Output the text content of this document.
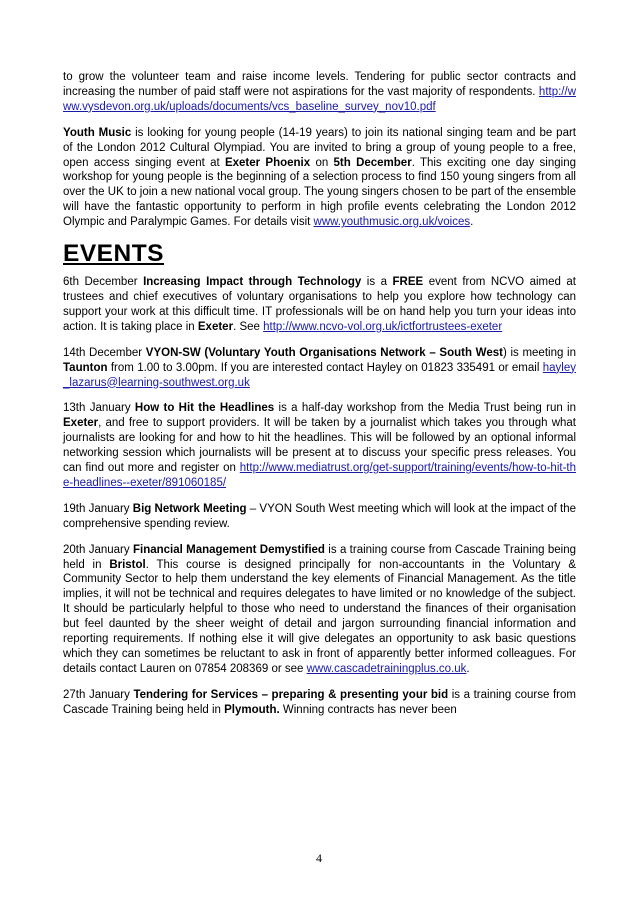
to grow the volunteer team and raise income levels. Tendering for public sector contracts and increasing the number of paid staff were not aspirations for the vast majority of respondents. http://www.vysdevon.org.uk/uploads/documents/vcs_baseline_survey_nov10.pdf

Youth Music is looking for young people (14-19 years) to join its national singing team and be part of the London 2012 Cultural Olympiad. You are invited to bring a group of young people to a free, open access singing event at Exeter Phoenix on 5th December. This exciting one day singing workshop for young people is the beginning of a selection process to find 150 young singers from all over the UK to join a new national vocal group. The young singers chosen to be part of the ensemble will have the fantastic opportunity to perform in high profile events celebrating the London 2012 Olympic and Paralympic Games. For details visit www.youthmusic.org.uk/voices.

EVENTS

6th December Increasing Impact through Technology is a FREE event from NCVO aimed at trustees and chief executives of voluntary organisations to help you explore how technology can support your work at this difficult time. IT professionals will be on hand help you turn your ideas into action. It is taking place in Exeter. See http://www.ncvo-vol.org.uk/ictfortrustees-exeter

14th December VYON-SW (Voluntary Youth Organisations Network – South West) is meeting in Taunton from 1.00 to 3.00pm. If you are interested contact Hayley on 01823 335491 or email hayley_lazarus@learning-southwest.org.uk

13th January How to Hit the Headlines is a half-day workshop from the Media Trust being run in Exeter, and free to support providers. It will be taken by a journalist which takes you through what journalists are looking for and how to hit the headlines. This will be followed by an optional informal networking session which journalists will be present at to discuss your specific press releases. You can find out more and register on http://www.mediatrust.org/get-support/training/events/how-to-hit-the-headlines--exeter/891060185/

19th January Big Network Meeting – VYON South West meeting which will look at the impact of the comprehensive spending review.

20th January Financial Management Demystified is a training course from Cascade Training being held in Bristol. This course is designed principally for non-accountants in the Voluntary & Community Sector to help them understand the key elements of Financial Management. As the title implies, it will not be technical and requires delegates to have limited or no knowledge of the subject. It should be particularly helpful to those who need to understand the finances of their organisation but feel daunted by the sheer weight of detail and jargon surrounding financial information and reporting requirements. If nothing else it will give delegates an opportunity to ask basic questions which they can sometimes be reluctant to ask in front of apparently better informed colleagues. For details contact Lauren on 07854 208369 or see www.cascadetrainingplus.co.uk.

27th January Tendering for Services – preparing & presenting your bid is a training course from Cascade Training being held in Plymouth. Winning contracts has never been

4
